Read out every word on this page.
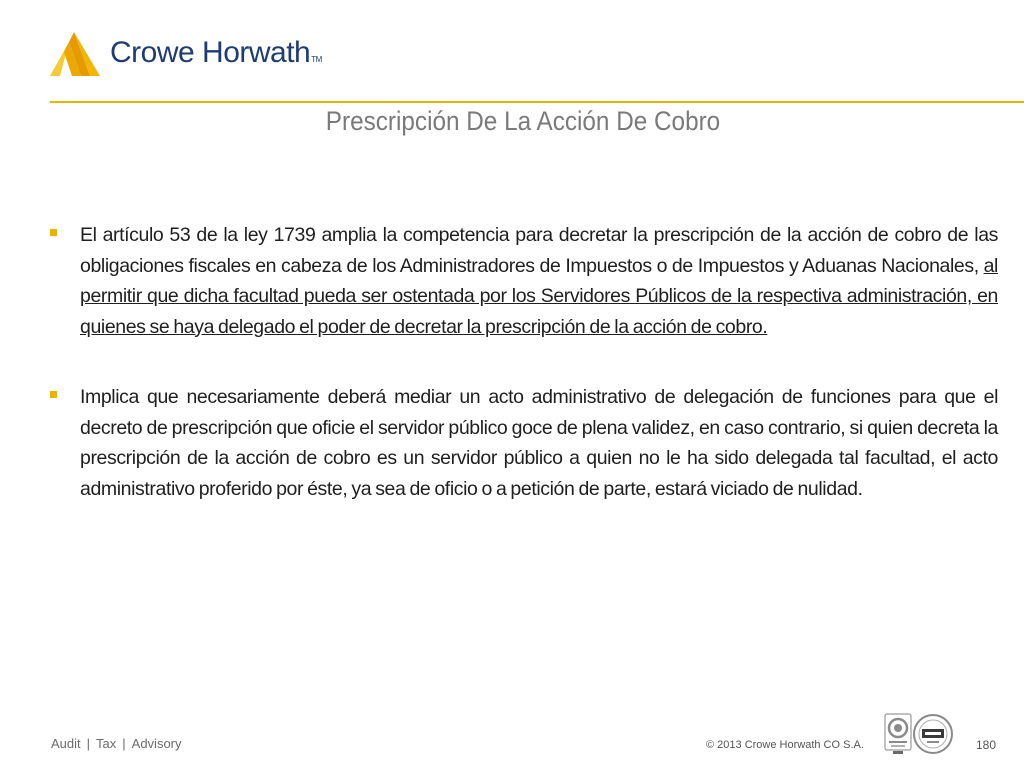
Crowe HorwathTM
Prescripción De La Acción De Cobro

El artículo 53 de la ley 1739 amplia la competencia para decretar la prescripción de la acción de cobro de las obligaciones fiscales en cabeza de los Administradores de Impuestos o de Impuestos y Aduanas Nacionales, al permitir que dicha facultad pueda ser ostentada por los Servidores Públicos de la respectiva administración, en quienes se haya delegado el poder de decretar la prescripción de la acción de cobro.

Implica que necesariamente deberá mediar un acto administrativo de delegación de funciones para que el decreto de prescripción que oficie el servidor público goce de plena validez, en caso contrario, si quien decreta la prescripción de la acción de cobro es un servidor público a quien no le ha sido delegada tal facultad, el acto administrativo proferido por éste, ya sea de oficio o a petición de parte, estará viciado de nulidad.

Audit | Tax | Advisory	© 2013 Crowe Horwath CO S.A.	180
